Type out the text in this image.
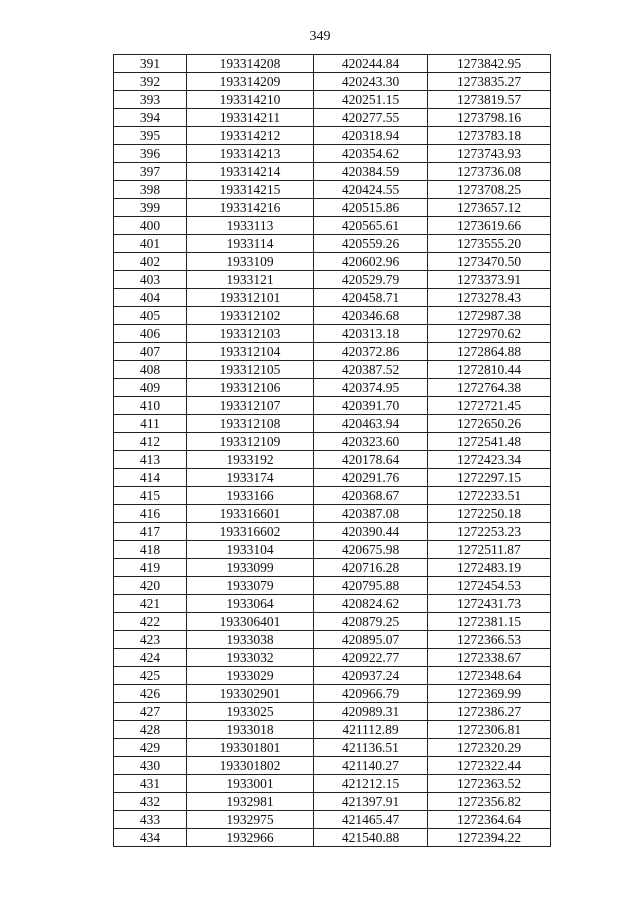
349
391	193314208	420244.84	1273842.95
392	193314209	420243.30	1273835.27
393	193314210	420251.15	1273819.57
394	193314211	420277.55	1273798.16
395	193314212	420318.94	1273783.18
396	193314213	420354.62	1273743.93
397	193314214	420384.59	1273736.08
398	193314215	420424.55	1273708.25
399	193314216	420515.86	1273657.12
400	1933113	420565.61	1273619.66
401	1933114	420559.26	1273555.20
402	1933109	420602.96	1273470.50
403	1933121	420529.79	1273373.91
404	193312101	420458.71	1273278.43
405	193312102	420346.68	1272987.38
406	193312103	420313.18	1272970.62
407	193312104	420372.86	1272864.88
408	193312105	420387.52	1272810.44
409	193312106	420374.95	1272764.38
410	193312107	420391.70	1272721.45
411	193312108	420463.94	1272650.26
412	193312109	420323.60	1272541.48
413	1933192	420178.64	1272423.34
414	1933174	420291.76	1272297.15
415	1933166	420368.67	1272233.51
416	193316601	420387.08	1272250.18
417	193316602	420390.44	1272253.23
418	1933104	420675.98	1272511.87
419	1933099	420716.28	1272483.19
420	1933079	420795.88	1272454.53
421	1933064	420824.62	1272431.73
422	193306401	420879.25	1272381.15
423	1933038	420895.07	1272366.53
424	1933032	420922.77	1272338.67
425	1933029	420937.24	1272348.64
426	193302901	420966.79	1272369.99
427	1933025	420989.31	1272386.27
428	1933018	421112.89	1272306.81
429	193301801	421136.51	1272320.29
430	193301802	421140.27	1272322.44
431	1933001	421212.15	1272363.52
432	1932981	421397.91	1272356.82
433	1932975	421465.47	1272364.64
434	1932966	421540.88	1272394.22
